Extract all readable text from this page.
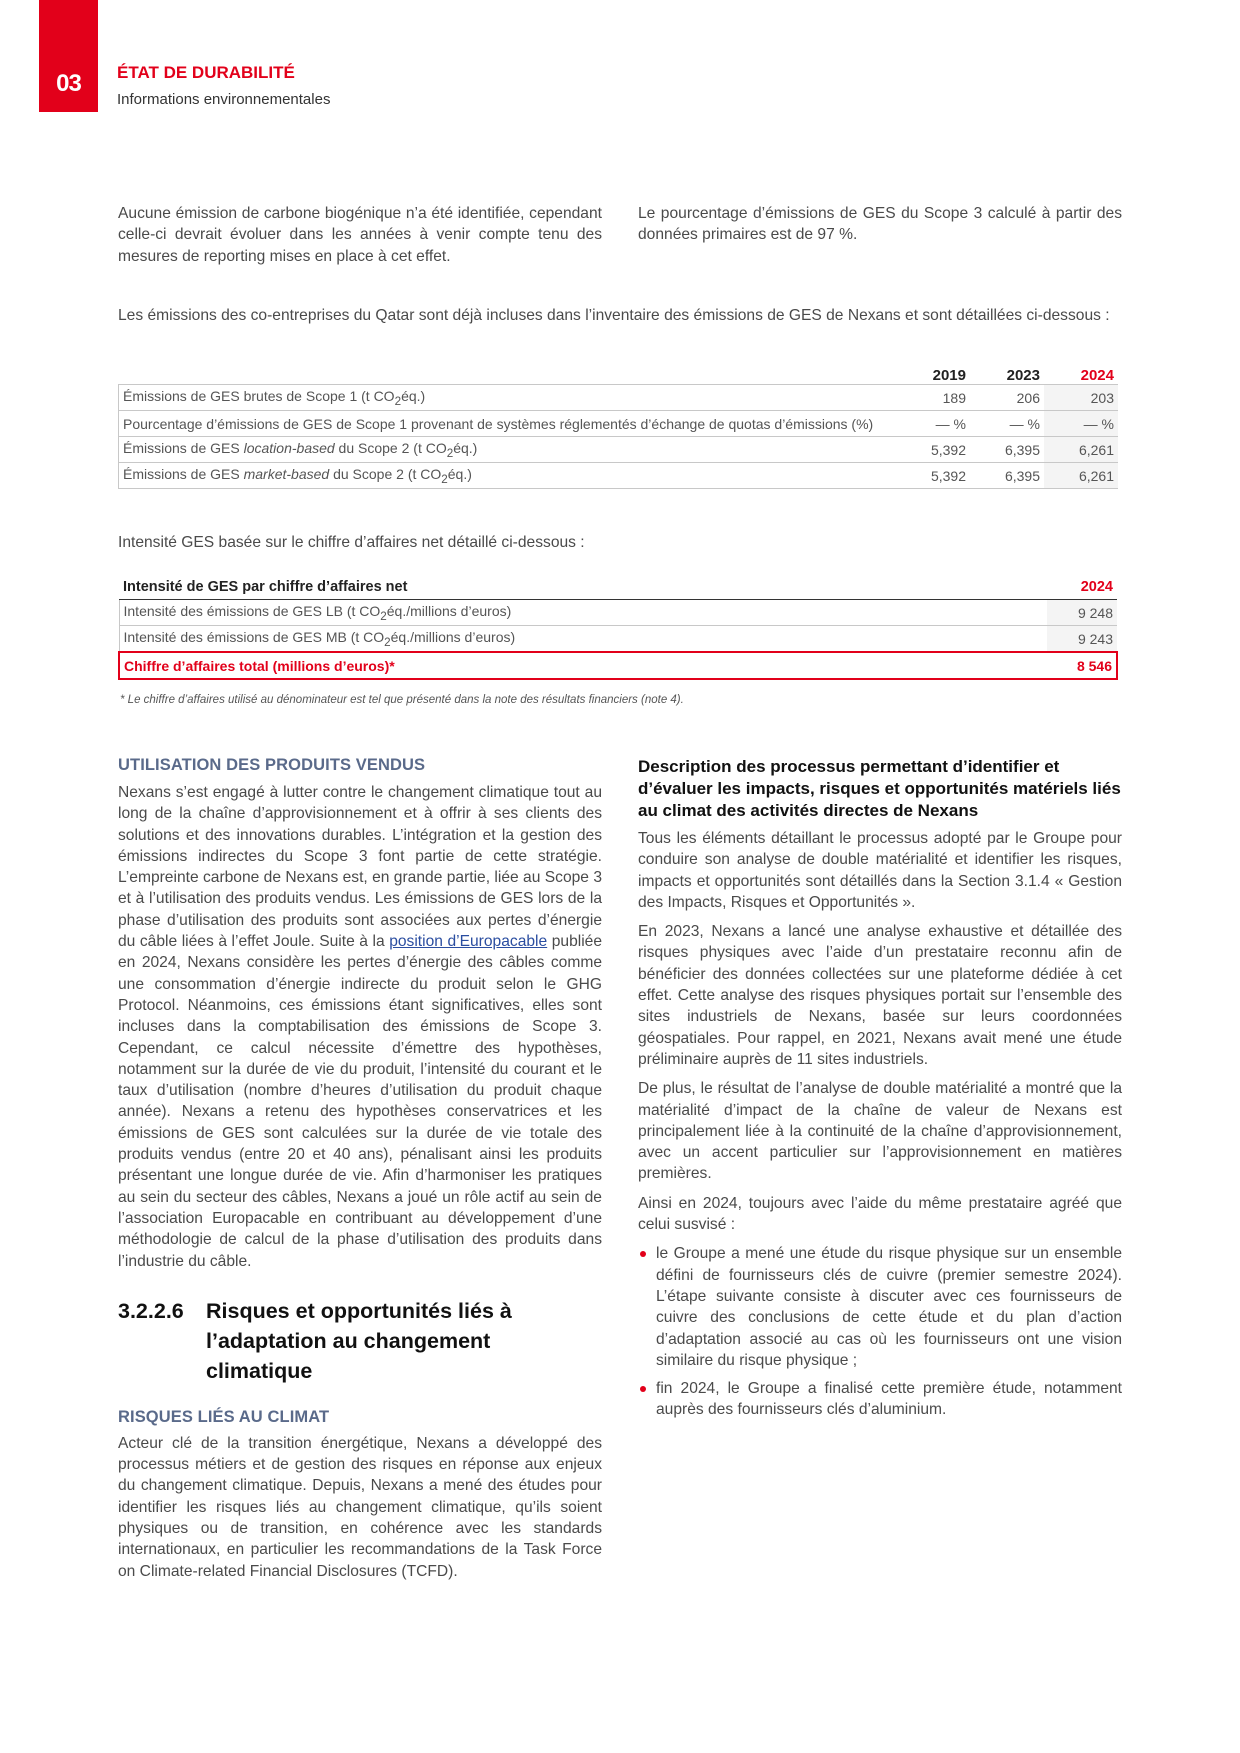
03	ÉTAT DE DURABILITÉ
Informations environnementales

Aucune émission de carbone biogénique n’a été identifiée, cependant celle-ci devrait évoluer dans les années à venir compte tenu des mesures de reporting mises en place à cet effet.

Le pourcentage d’émissions de GES du Scope 3 calculé à partir des données primaires est de 97 %.

Les émissions des co-entreprises du Qatar sont déjà incluses dans l’inventaire des émissions de GES de Nexans et sont détaillées ci-dessous :

	2019	2023	2024
Émissions de GES brutes de Scope 1 (t $CO_2éq$.)	189	206	203
Pourcentage d’émissions de GES de Scope 1 provenant de systèmes réglementés d’échange de quotas d’émissions (%)	— %	— %	— %
Émissions de GES location-based du Scope 2 (t $CO_2éq$.)	5,392	6,395	6,261
Émissions de GES market-based du Scope 2 (t $CO_2éq$.)	5,392	6,395	6,261

Intensité GES basée sur le chiffre d’affaires net détaillé ci-dessous :

Intensité de GES par chiffre d’affaires net	2024
Intensité des émissions de GES LB (t $CO_2éq$./millions d’euros)	9 248
Intensité des émissions de GES MB (t $CO_2éq$./millions d’euros)	9 243
Chiffre d’affaires total (millions d’euros)*	8 546
* Le chiffre d’affaires utilisé au dénominateur est tel que présenté dans la note des résultats financiers (note 4).
UTILISATION DES PRODUITS VENDUS

Nexans s’est engagé à lutter contre le changement climatique tout au long de la chaîne d’approvisionnement et à offrir à ses clients des solutions et des innovations durables. L’intégration et la gestion des émissions indirectes du Scope 3 font partie de cette stratégie. L’empreinte carbone de Nexans est, en grande partie, liée au Scope 3 et à l’utilisation des produits vendus. Les émissions de GES lors de la phase d’utilisation des produits sont associées aux pertes d’énergie du câble liées à l’effet Joule. Suite à la position d’Europacable publiée en 2024, Nexans considère les pertes d’énergie des câbles comme une consommation d’énergie indirecte du produit selon le GHG Protocol. Néanmoins, ces émissions étant significatives, elles sont incluses dans la comptabilisation des émissions de Scope 3. Cependant, ce calcul nécessite d’émettre des hypothèses, notamment sur la durée de vie du produit, l’intensité du courant et le taux d’utilisation (nombre d’heures d’utilisation du produit chaque année). Nexans a retenu des hypothèses conservatrices et les émissions de GES sont calculées sur la durée de vie totale des produits vendus (entre 20 et 40 ans), pénalisant ainsi les produits présentant une longue durée de vie. Afin d’harmoniser les pratiques au sein du secteur des câbles, Nexans a joué un rôle actif au sein de l’association Europacable en contribuant au développement d’une méthodologie de calcul de la phase d’utilisation des produits dans l’industrie du câble.

3.2.2.6	Risques et opportunités liés à l’adaptation au changement climatique
RISQUES LIÉS AU CLIMAT

Acteur clé de la transition énergétique, Nexans a développé des processus métiers et de gestion des risques en réponse aux enjeux du changement climatique. Depuis, Nexans a mené des études pour identifier les risques liés au changement climatique, qu’ils soient physiques ou de transition, en cohérence avec les standards internationaux, en particulier les recommandations de la Task Force on Climate-related Financial Disclosures (TCFD).

Description des processus permettant d’identifier et d’évaluer les impacts, risques et opportunités matériels liés au climat des activités directes de Nexans

Tous les éléments détaillant le processus adopté par le Groupe pour conduire son analyse de double matérialité et identifier les risques, impacts et opportunités sont détaillés dans la Section 3.1.4 « Gestion des Impacts, Risques et Opportunités ».

En 2023, Nexans a lancé une analyse exhaustive et détaillée des risques physiques avec l’aide d’un prestataire reconnu afin de bénéficier des données collectées sur une plateforme dédiée à cet effet. Cette analyse des risques physiques portait sur l’ensemble des sites industriels de Nexans, basée sur leurs coordonnées géospatiales. Pour rappel, en 2021, Nexans avait mené une étude préliminaire auprès de 11 sites industriels.

De plus, le résultat de l’analyse de double matérialité a montré que la matérialité d’impact de la chaîne de valeur de Nexans est principalement liée à la continuité de la chaîne d’approvisionnement, avec un accent particulier sur l’approvisionnement en matières premières.

Ainsi en 2024, toujours avec l’aide du même prestataire agréé que celui susvisé :

le Groupe a mené une étude du risque physique sur un ensemble défini de fournisseurs clés de cuivre (premier semestre 2024). L’étape suivante consiste à discuter avec ces fournisseurs de cuivre des conclusions de cette étude et du plan d’action d’adaptation associé au cas où les fournisseurs ont une vision similaire du risque physique ;
fin 2024, le Groupe a finalisé cette première étude, notamment auprès des fournisseurs clés d’aluminium.
